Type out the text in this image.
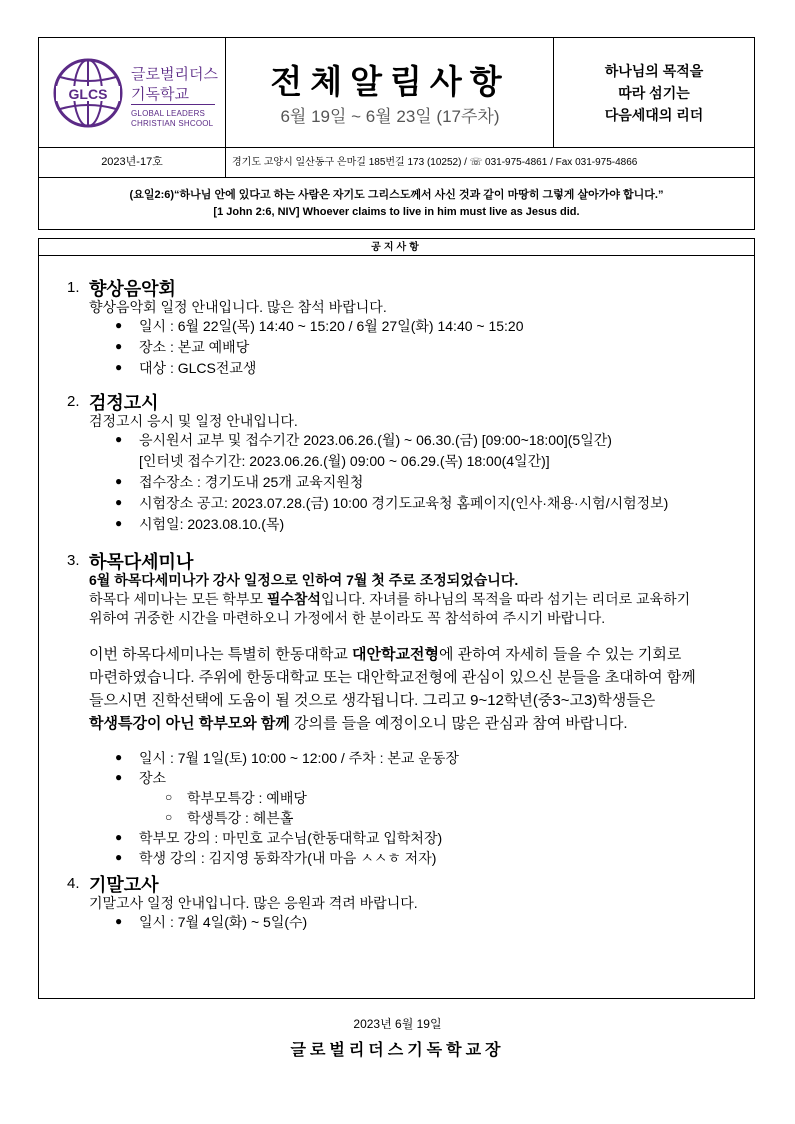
GLCS
글로벌리더스
기독학교
GLOBAL LEADERS
CHRISTIAN SHCOOL
전체알림사항
6월 19일 ~ 6월 23일 (17주차)
하나님의 목적을
따라 섬기는
다음세대의 리더
2023년-17호	경기도 고양시 일산동구 은마길 185번길 173 (10252) / ☏ 031-975-4861 / Fax 031-975-4866
(요일2:6)“하나님 안에 있다고 하는 사람은 자기도 그리스도께서 사신 것과 같이 마땅히 그렇게 살아가야 합니다.”
[1 John 2:6, NIV] Whoever claims to live in him must live as Jesus did.
공지사항
1. 향상음악회
향상음악회 일정 안내입니다. 많은 참석 바랍니다.
● 일시 : 6월 22일(목) 14:40 ~ 15:20 / 6월 27일(화) 14:40 ~ 15:20
● 장소 : 본교 예배당
● 대상 : GLCS전교생
2. 검정고시
검정고시 응시 및 일정 안내입니다.
● 응시원서 교부 및 접수기간 2023.06.26.(월) ~ 06.30.(금) [09:00~18:00](5일간)
[인터넷 접수기간: 2023.06.26.(월) 09:00 ~ 06.29.(목) 18:00(4일간)]
● 접수장소 : 경기도내 25개 교육지원청
● 시험장소 공고: 2023.07.28.(금) 10:00 경기도교육청 홈페이지(인사·채용·시험/시험정보)
● 시험일: 2023.08.10.(목)
3. 하목다세미나
6월 하목다세미나가 강사 일정으로 인하여 7월 첫 주로 조정되었습니다.
하목다 세미나는 모든 학부모 필수참석입니다. 자녀를 하나님의 목적을 따라 섬기는 리더로 교육하기
위하여 귀중한 시간을 마련하오니 가정에서 한 분이라도 꼭 참석하여 주시기 바랍니다.
이번 하목다세미나는 특별히 한동대학교 대안학교전형에 관하여 자세히 들을 수 있는 기회로
마련하였습니다. 주위에 한동대학교 또는 대안학교전형에 관심이 있으신 분들을 초대하여 함께
들으시면 진학선택에 도움이 될 것으로 생각됩니다. 그리고 9~12학년(중3~고3)학생들은
학생특강이 아닌 학부모와 함께 강의를 들을 예정이오니 많은 관심과 참여 바랍니다.
● 일시 : 7월 1일(토) 10:00 ~ 12:00 / 주차 : 본교 운동장
● 장소
○ 학부모특강 : 예배당
○ 학생특강 : 헤븐홀
● 학부모 강의 : 마민호 교수님(한동대학교 입학처장)
● 학생 강의 : 김지영 동화작가(내 마음 ㅅㅅㅎ 저자)
4. 기말고사
기말고사 일정 안내입니다. 많은 응원과 격려 바랍니다.
● 일시 : 7월 4일(화) ~ 5일(수)
2023년 6월 19일
글로벌리더스기독학교장
